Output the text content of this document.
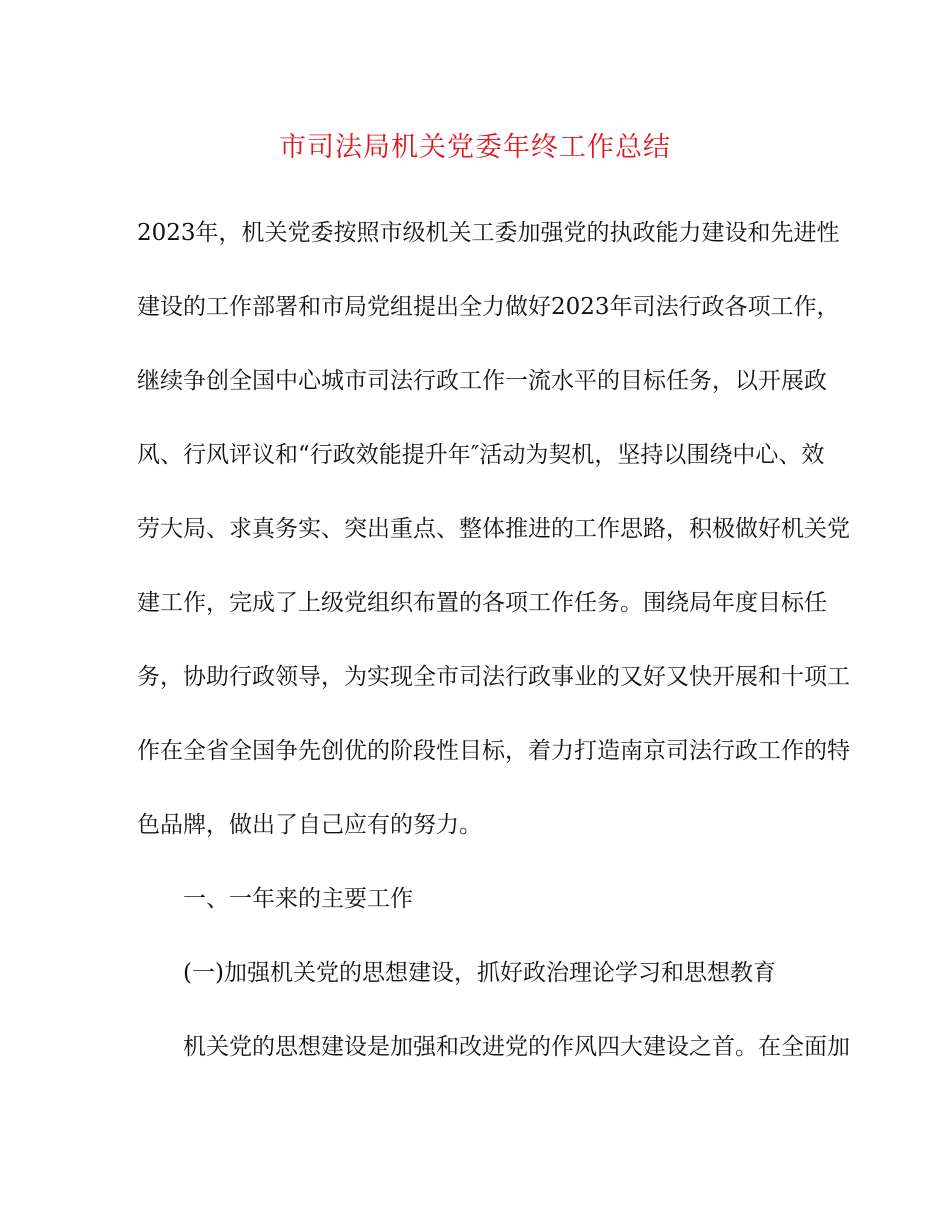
市司法局机关党委年终工作总结
2023年，机关党委按照市级机关工委加强党的执政能力建设和先进性
建设的工作部署和市局党组提出全力做好2023年司法行政各项工作，
继续争创全国中心城市司法行政工作一流水平的目标任务，以开展政
风、行风评议和“行政效能提升年″活动为契机，坚持以围绕中心、效
劳大局、求真务实、突出重点、整体推进的工作思路，积极做好机关党
建工作，完成了上级党组织布置的各项工作任务。围绕局年度目标任
务，协助行政领导，为实现全市司法行政事业的又好又快开展和十项工
作在全省全国争先创优的阶段性目标，着力打造南京司法行政工作的特
色品牌，做出了自己应有的努力。
一、一年来的主要工作
(一)加强机关党的思想建设，抓好政治理论学习和思想教育
机关党的思想建设是加强和改进党的作风四大建设之首。在全面加
